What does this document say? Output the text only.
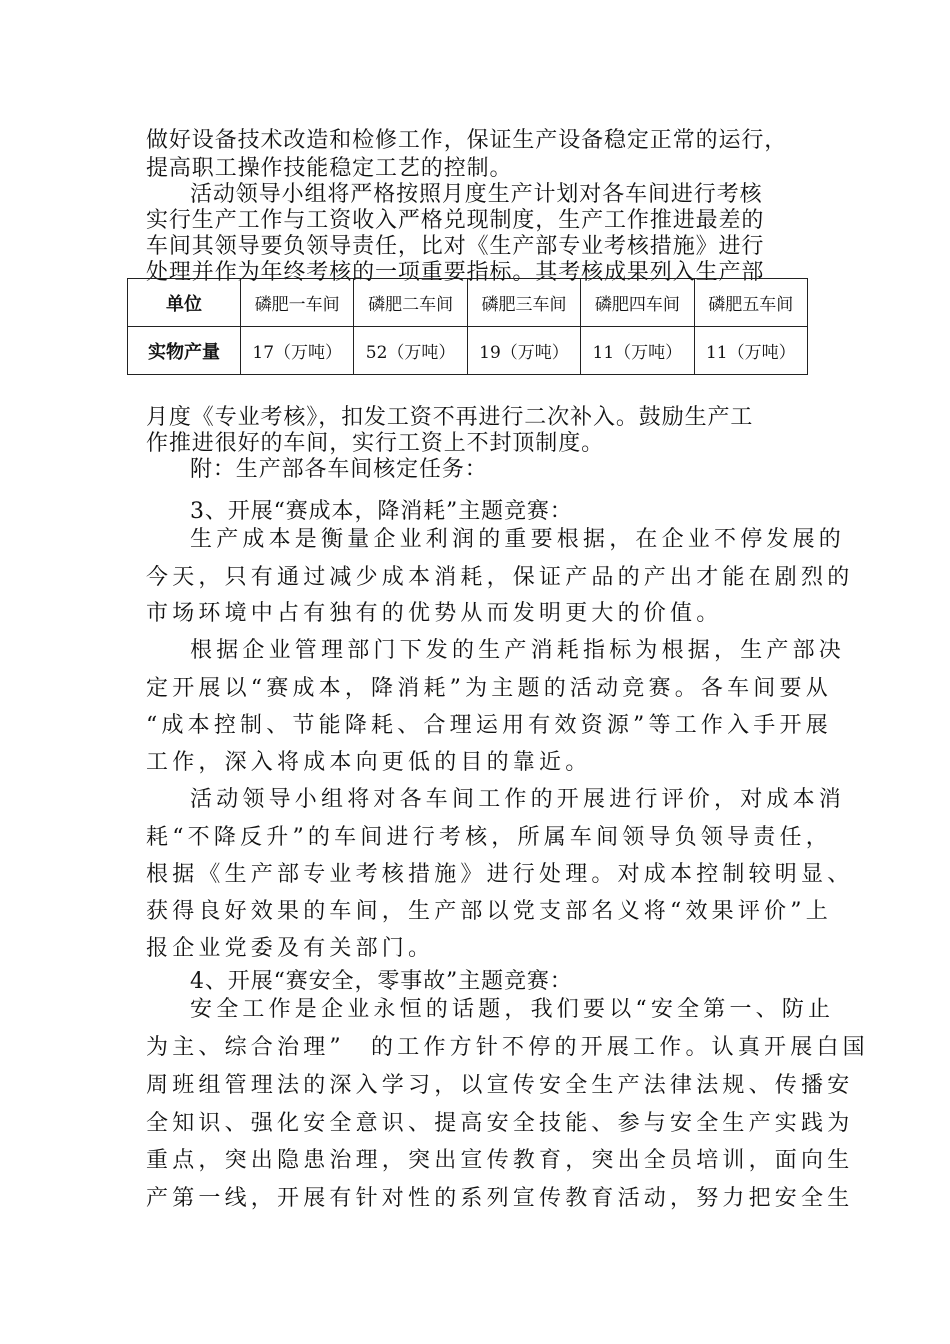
做好设备技术改造和检修工作，保证生产设备稳定正常的运行，
提高职工操作技能稳定工艺的控制。
活动领导小组将严格按照月度生产计划对各车间进行考核
实行生产工作与工资收入严格兑现制度，生产工作推进最差的
车间其领导要负领导责任，比对《生产部专业考核措施》进行
处理并作为年终考核的一项重要指标。其考核成果列入生产部
单位	磷肥一车间	磷肥二车间	磷肥三车间	磷肥四车间	磷肥五车间
实物产量	17（万吨）	52（万吨）	19（万吨）	11（万吨）	11（万吨）
月度《专业考核》，扣发工资不再进行二次补入。鼓励生产工
作推进很好的车间，实行工资上不封顶制度。
附：生产部各车间核定任务：
3、开展“赛成本，降消耗”主题竞赛：
生产成本是衡量企业利润的重要根据，在企业不停发展的
今天，只有通过减少成本消耗，保证产品的产出才能在剧烈的
市场环境中占有独有的优势从而发明更大的价值。
根据企业管理部门下发的生产消耗指标为根据，生产部决
定开展以“赛成本，降消耗”为主题的活动竞赛。各车间要从
“成本控制、节能降耗、合理运用有效资源”等工作入手开展
工作，深入将成本向更低的目的靠近。
活动领导小组将对各车间工作的开展进行评价，对成本消
耗“不降反升”的车间进行考核，所属车间领导负领导责任，
根据《生产部专业考核措施》进行处理。对成本控制较明显、
获得良好效果的车间，生产部以党支部名义将“效果评价”上
报企业党委及有关部门。
4、开展“赛安全，零事故”主题竞赛：
安全工作是企业永恒的话题，我们要以“安全第一、防止
为主、综合治理”　的工作方针不停的开展工作。认真开展白国
周班组管理法的深入学习，以宣传安全生产法律法规、传播安
全知识、强化安全意识、提高安全技能、参与安全生产实践为
重点，突出隐患治理，突出宣传教育，突出全员培训，面向生
产第一线，开展有针对性的系列宣传教育活动，努力把安全生
